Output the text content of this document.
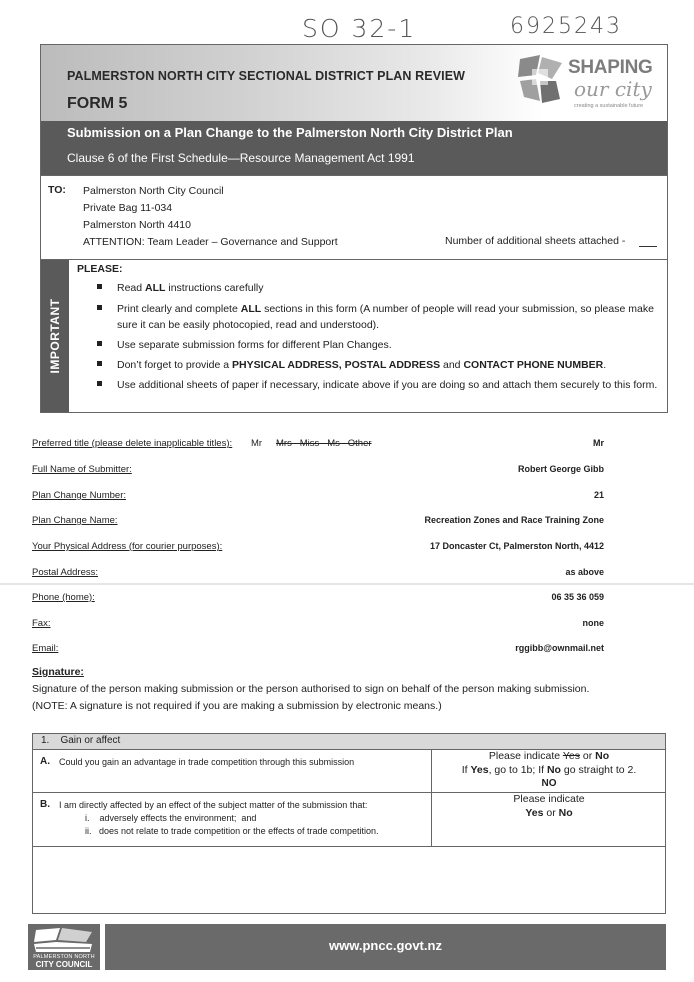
SO 32-1	6925243
PALMERSTON NORTH CITY SECTIONAL DISTRICT PLAN REVIEW
FORM 5
Submission on a Plan Change to the Palmerston North City District Plan
Clause 6 of the First Schedule—Resource Management Act 1991
SHAPING
our city
creating a sustainable future
TO: Palmerston North City Council
Private Bag 11-034
Palmerston North 4410
ATTENTION: Team Leader – Governance and Support	Number of additional sheets attached -
IMPORTANT
PLEASE:
Read ALL instructions carefully
Print clearly and complete ALL sections in this form (A number of people will read your submission, so please make sure it can be easily photocopied, read and understood).
Use separate submission forms for different Plan Changes.
Don’t forget to provide a PHYSICAL ADDRESS, POSTAL ADDRESS and CONTACT PHONE NUMBER.
Use additional sheets of paper if necessary, indicate above if you are doing so and attach them securely to this form.
Preferred title (please delete inapplicable titles): Mr Mrs   Miss   Ms   Other	Mr
Full Name of Submitter:	Robert George Gibb
Plan Change Number:	21
Plan Change Name:	Recreation Zones and Race Training Zone
Your Physical Address (for courier purposes):	17 Doncaster Ct, Palmerston North, 4412
Postal Address:	as above
Phone (home):	06 35 36 059
Fax:	none
Email:	rggibb@ownmail.net
Signature:
Signature of the person making submission or the person authorised to sign on behalf of the person making submission.
(NOTE: A signature is not required if you are making a submission by electronic means.)
1.    Gain or affect
A. Could you gain an advantage in trade competition through this submission	Please indicate Yes or No
If Yes, go to 1b; If No go straight to 2.
NO
B. I am directly affected by an effect of the subject matter of the submission that:
i.    adversely effects the environment;  and
ii.   does not relate to trade competition or the effects of trade competition.
Please indicate
Yes or No
PALMERSTON NORTH
CITY COUNCIL
www.pncc.govt.nz
